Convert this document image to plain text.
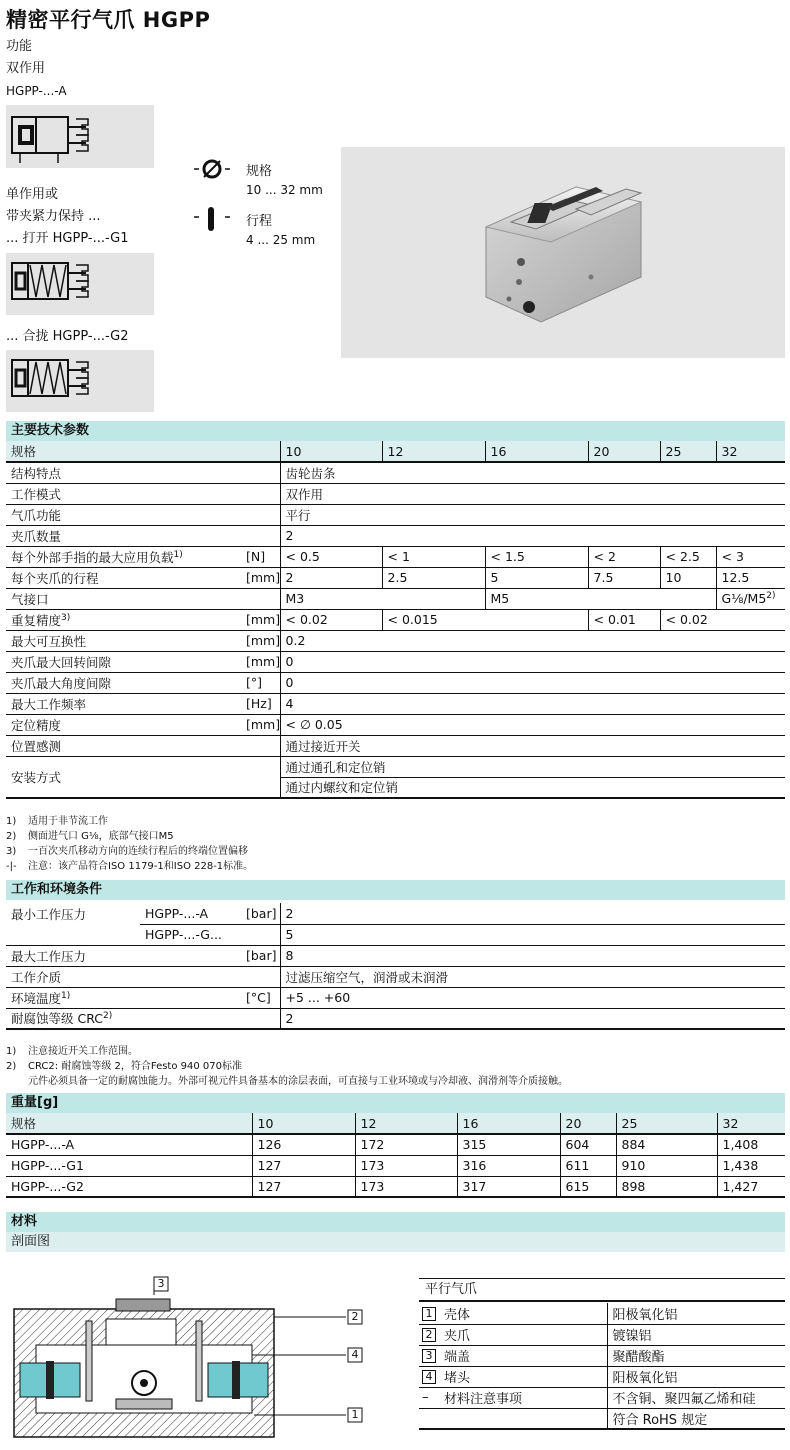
精密平行气爪 HGPP
功能
双作用
HGPP-...-A
单作用或
带夹紧力保持 ...
... 打开 HGPP-...-G1
... 合拢 HGPP-...-G2
规格
10 ... 32 mm
行程
4 ... 25 mm
主要技术参数
规格		10	12	16	20	25	32
结构特点		齿轮齿条					
工作模式		双作用					
气爪功能		平行					
夹爪数量		2					
每个外部手指的最大应用负载$^{1)}$	[N]	< 0.5	< 1	< 1.5	< 2	< 2.5	< 3
每个夹爪的行程	[mm]	2	2.5	5	7.5	10	12.5
气接口		M3		M5			G⅛/M5$^{2)}$
重复精度$^{3)}$	[mm]	< 0.02	< 0.015		< 0.01	< 0.02	
最大可互换性	[mm]	0.2					
夹爪最大回转间隙	[mm]	0					
夹爪最大角度间隙	[°]	0					
最大工作频率	[Hz]	4					
定位精度	[mm]	< ∅ 0.05					
位置感测		通过接近开关					
安装方式		通过通孔和定位销					
		通过内螺纹和定位销					
1) 适用于非节流工作
2) 侧面进气口 G⅛，底部气接口M5
3) 一百次夹爪移动方向的连续行程后的终端位置偏移
-|- 注意：该产品符合ISO 1179-1和ISO 228-1标准。
工作和环境条件
最小工作压力	HGPP-...-A	[bar]	2
	HGPP-...-G...		5
最大工作压力		[bar]	8
工作介质			过滤压缩空气，润滑或未润滑
环境温度$^{1)}$		[°C]	+5 ... +60
耐腐蚀等级 CRC$^{2)}$			2
1) 注意接近开关工作范围。
2) CRC2: 耐腐蚀等级 2，符合Festo 940 070标准
元件必须具备一定的耐腐蚀能力。外部可视元件具备基本的涂层表面，可直接与工业环境或与冷却液、润滑剂等介质接触。
重量[g]
规格	10	12	16	20	25	32
HGPP-...-A	126	172	315	604	884	1,408
HGPP-...-G1	127	173	316	611	910	1,438
HGPP-...-G2	127	173	317	615	898	1,427
材料
剖面图
3
2
4
1
平行气爪
1	壳体	阳极氧化铝
2	夹爪	镀镍铝
3	端盖	聚醋酸酯
4	堵头	阳极氧化铝
–	材料注意事项	不含铜、聚四氟乙烯和硅
		符合 RoHS 规定
